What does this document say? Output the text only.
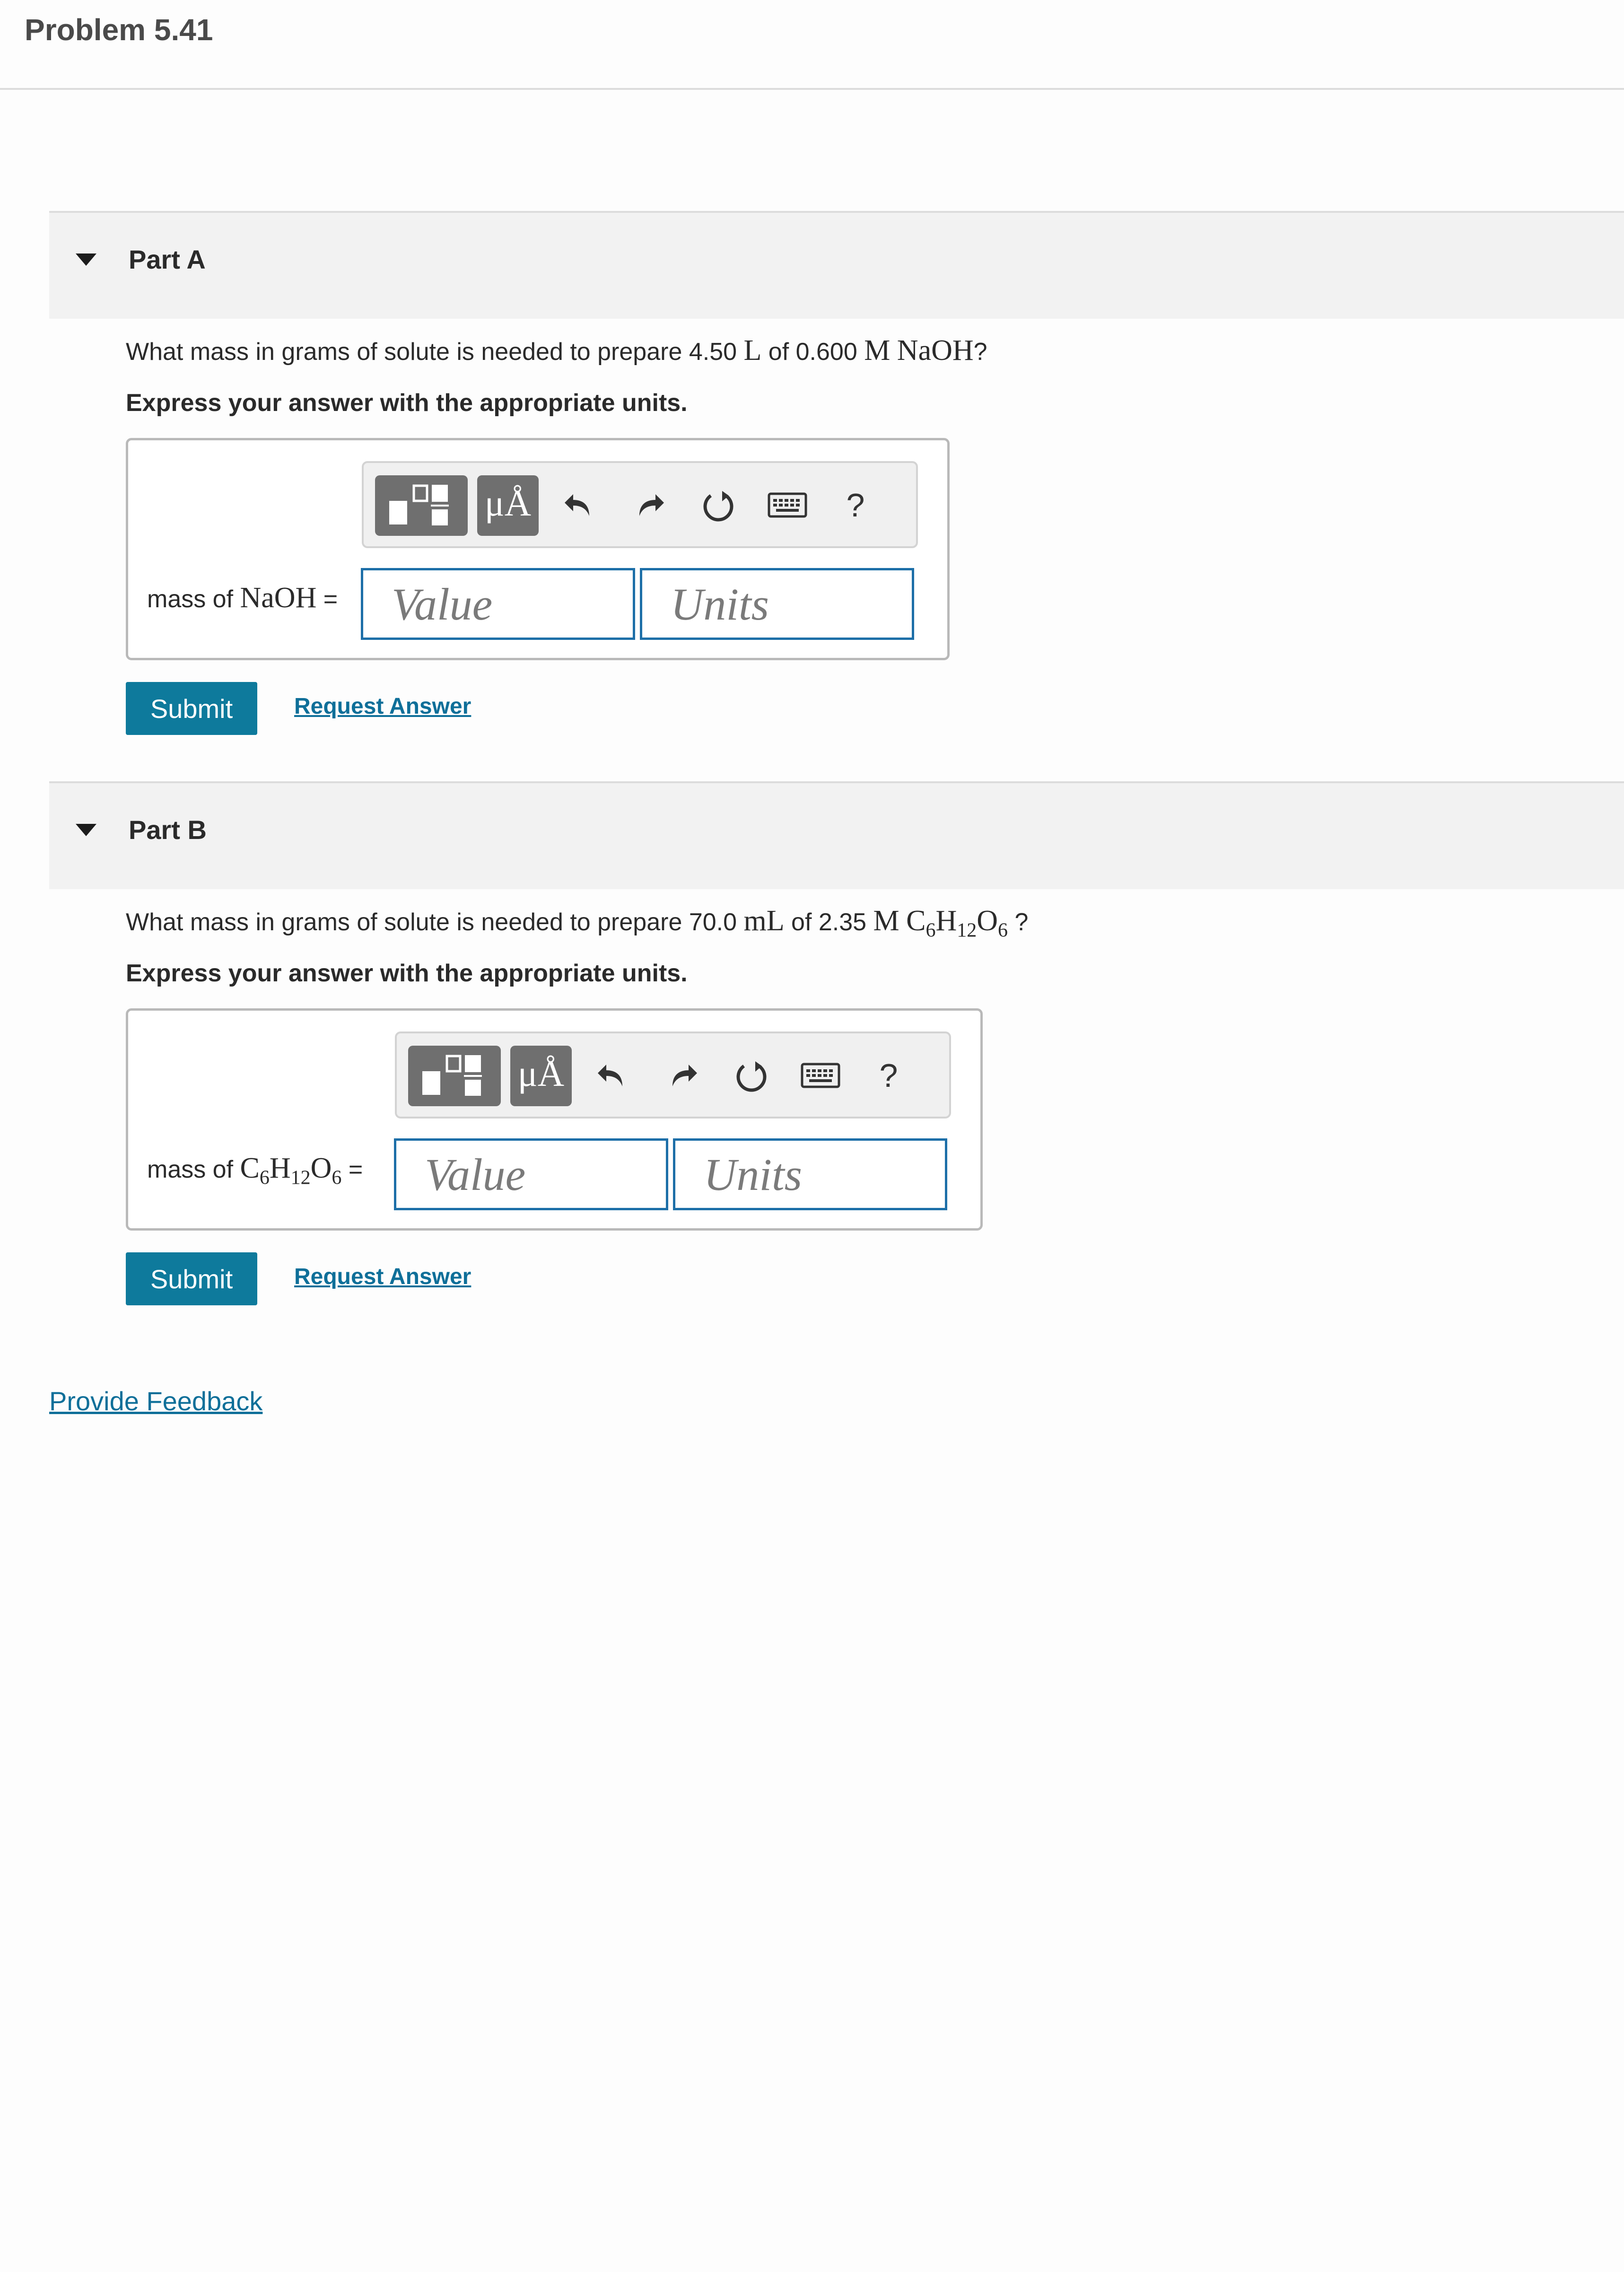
Problem 5.41
Part A
What mass in grams of solute is needed to prepare 4.50 L of 0.600 M NaOH?
Express your answer with the appropriate units.
μÅ	?
mass of NaOH =
Value
Units
Submit	Request Answer
Part B
What mass in grams of solute is needed to prepare 70.0 mL of 2.35 M $C_6H_{12}O_6$ ?
Express your answer with the appropriate units.
μÅ	?
mass of $C_6H_{12}O_6$ =
Value
Units
Submit	Request Answer
Provide Feedback
